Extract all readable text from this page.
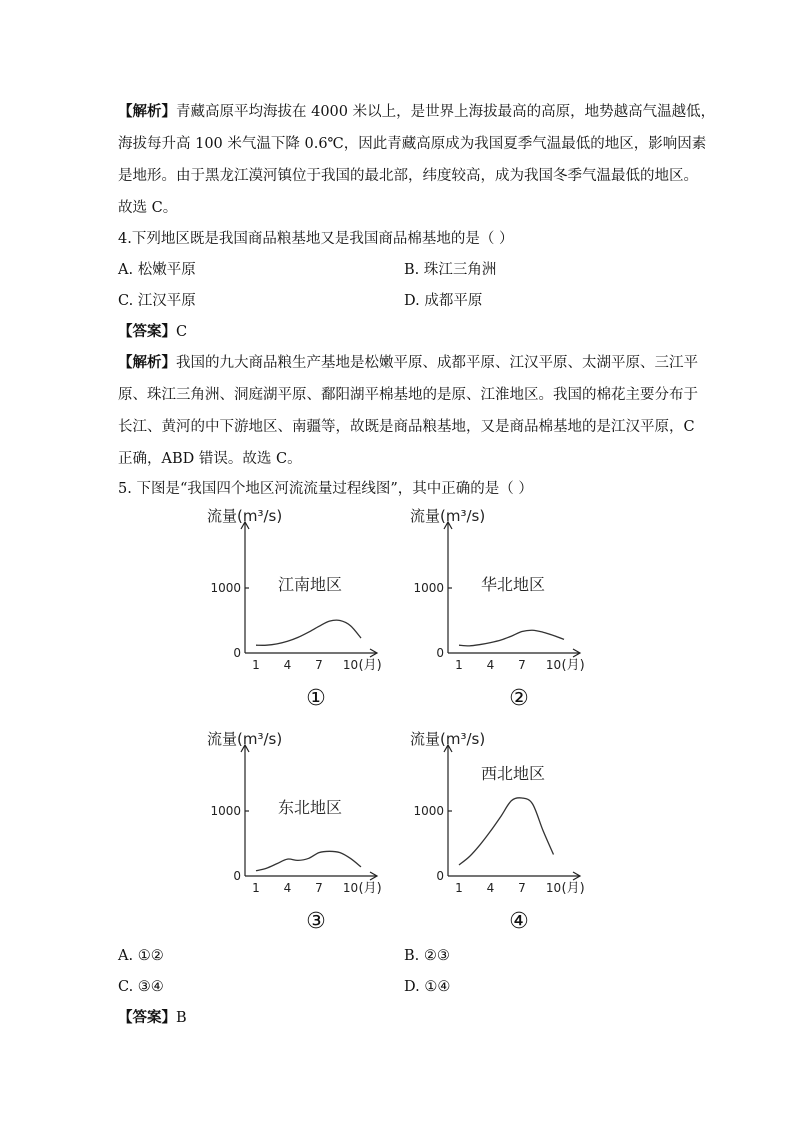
【解析】青藏高原平均海拔在 4000 米以上，是世界上海拔最高的高原，地势越高气温越低，
海拔每升高 100 米气温下降 0.6℃，因此青藏高原成为我国夏季气温最低的地区，影响因素
是地形。由于黑龙江漠河镇位于我国的最北部，纬度较高，成为我国冬季气温最低的地区。
故选 C。
4.下列地区既是我国商品粮基地又是我国商品棉基地的是（ ）
A. 松嫩平原	B. 珠江三角洲
C. 江汉平原	D. 成都平原
【答案】C
【解析】我国的九大商品粮生产基地是松嫩平原、成都平原、江汉平原、太湖平原、三江平
原、珠江三角洲、洞庭湖平原、鄱阳湖平棉基地的是原、江淮地区。我国的棉花主要分布于
长江、黄河的中下游地区、南疆等，故既是商品粮基地，又是商品棉基地的是江汉平原，C
正确，ABD 错误。故选 C。
5. 下图是“我国四个地区河流流量过程线图”，其中正确的是（ ）
流量(m³/s)
0
1000
1 4 7 10 (月)
江南地区
流量(m³/s)
0
1000
1 4 7 10 (月)
华北地区
流量(m³/s)
0
1000
1 4 7 10 (月)
东北地区
流量(m³/s)
0
1000
1 4 7 10 (月)
西北地区
①	②
③	④
A. ①②	B. ②③
C. ③④	D. ①④
【答案】B
